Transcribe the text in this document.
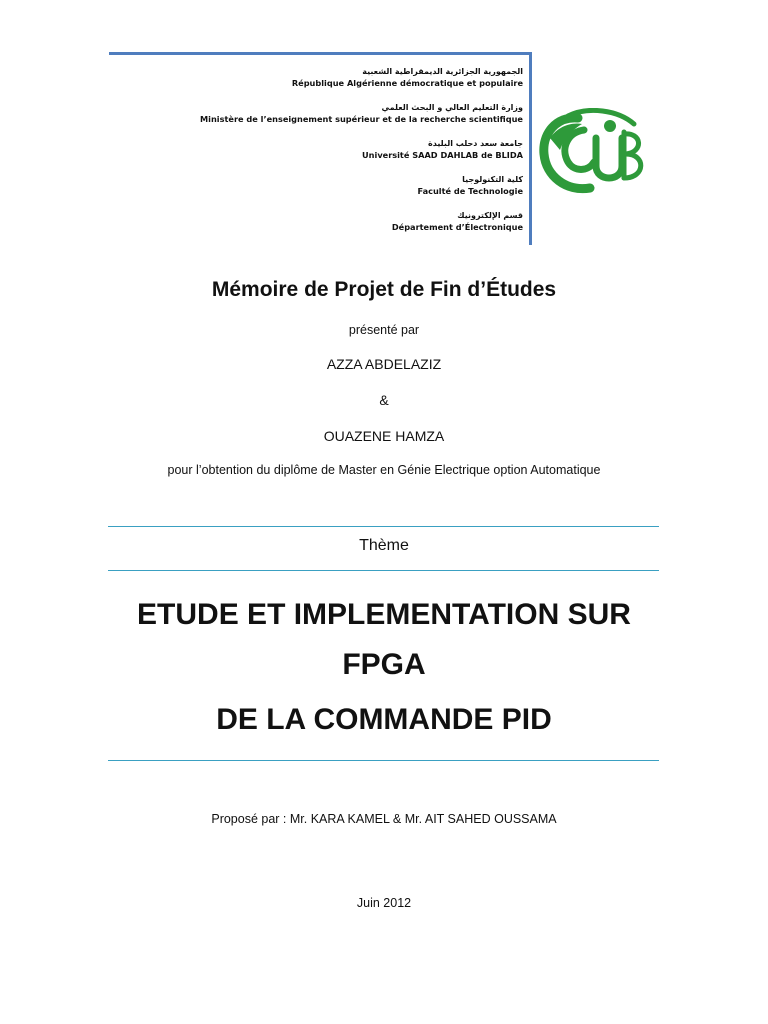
الجمهورية الجزائرية الديمقراطية الشعبية
République Algérienne démocratique et populaire
وزارة التعليم العالي و البحث العلمي
Ministère de l’enseignement supérieur et de la recherche scientifique
جامعة سعد دحلب البليدة
Université SAAD DAHLAB de BLIDA
كلية التكنولوجيا
Faculté de Technologie
قسم الإلكترونيك
Département d’Électronique
Mémoire de Projet de Fin d’Études
présenté par
AZZA ABDELAZIZ
&
OUAZENE HAMZA
pour l’obtention du diplôme de Master en Génie Electrique option Automatique
Thème
ETUDE ET IMPLEMENTATION SUR
FPGA
DE LA COMMANDE PID
Proposé par : Mr. KARA KAMEL & Mr. AIT SAHED OUSSAMA
Juin 2012
